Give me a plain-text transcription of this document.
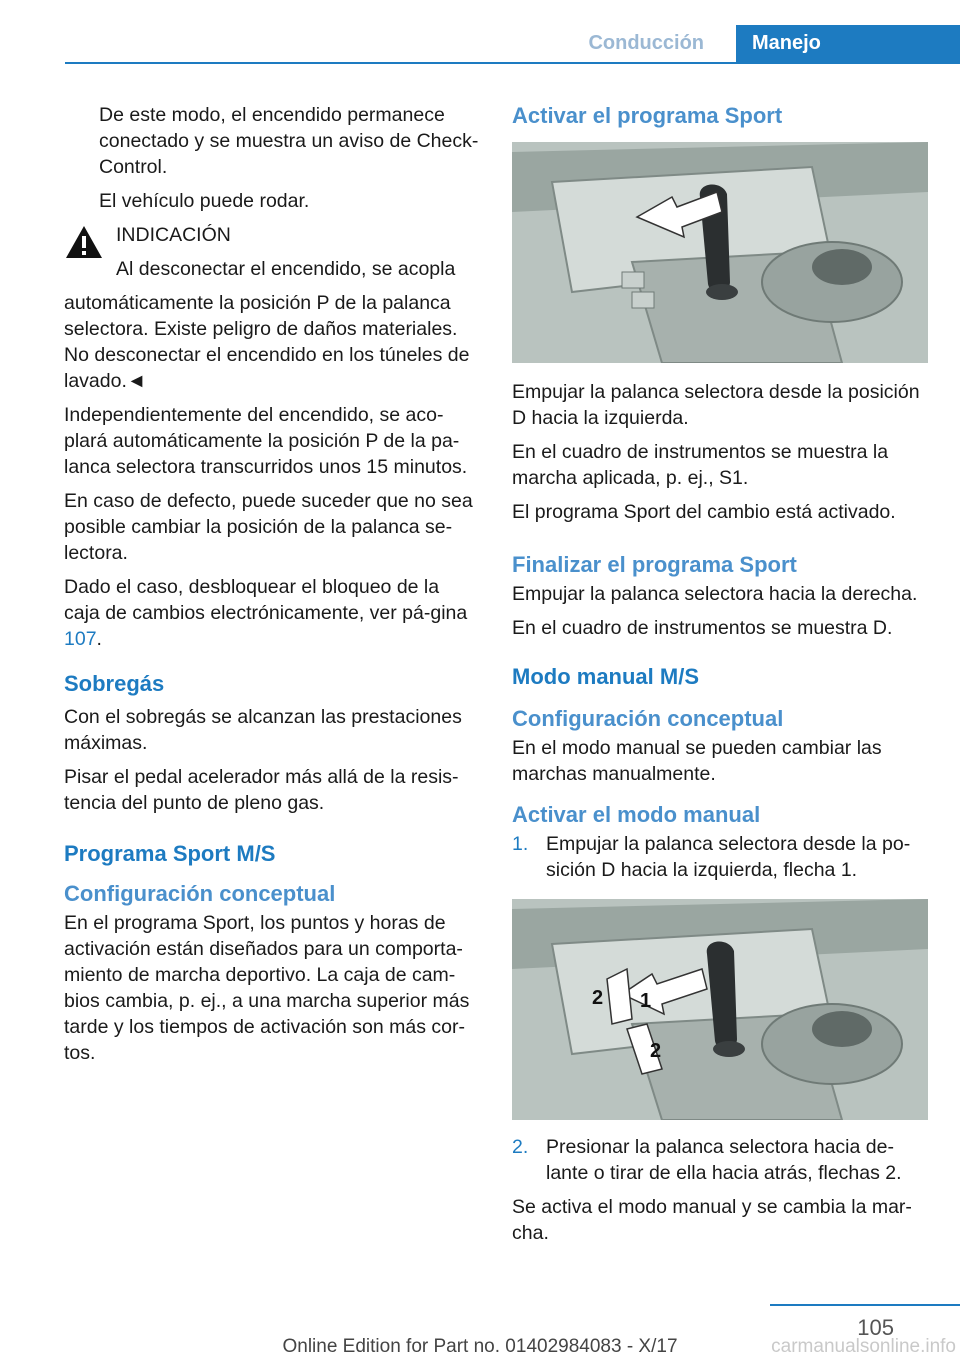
Conducción	Manejo

De este modo, el encendido permanece conectado y se muestra un aviso de Check-Control.

El vehículo puede rodar.

INDICACIÓN

Al desconectar el encendido, se acopla

automáticamente la posición P de la palanca selectora. Existe peligro de daños materiales. No desconectar el encendido en los túneles de lavado.◄

Independientemente del encendido, se aco-plará automáticamente la posición P de la pa-lanca selectora transcurridos unos 15 minutos.

En caso de defecto, puede suceder que no sea posible cambiar la posición de la palanca se-lectora.

Dado el caso, desbloquear el bloqueo de la caja de cambios electrónicamente, ver pá-gina 107.

Sobregás

Con el sobregás se alcanzan las prestaciones máximas.

Pisar el pedal acelerador más allá de la resis-tencia del punto de pleno gas.

Programa Sport M/S
Configuración conceptual

En el programa Sport, los puntos y horas de activación están diseñados para un comporta-miento de marcha deportivo. La caja de cam-bios cambia, p. ej., a una marcha superior más tarde y los tiempos de activación son más cor-tos.

Activar el programa Sport

Empujar la palanca selectora desde la posición D hacia la izquierda.

En el cuadro de instrumentos se muestra la marcha aplicada, p. ej., S1.

El programa Sport del cambio está activado.

Finalizar el programa Sport

Empujar la palanca selectora hacia la derecha.

En el cuadro de instrumentos se muestra D.

Modo manual M/S
Configuración conceptual

En el modo manual se pueden cambiar las marchas manualmente.

Activar el modo manual
1. Empujar la palanca selectora desde la po-sición D hacia la izquierda, flecha 1.
1
2
2
2. Presionar la palanca selectora hacia de-lante o tirar de ella hacia atrás, flechas 2.

Se activa el modo manual y se cambia la mar-cha.

105
Online Edition for Part no. 01402984083 - X/17	carmanualsonline.info
